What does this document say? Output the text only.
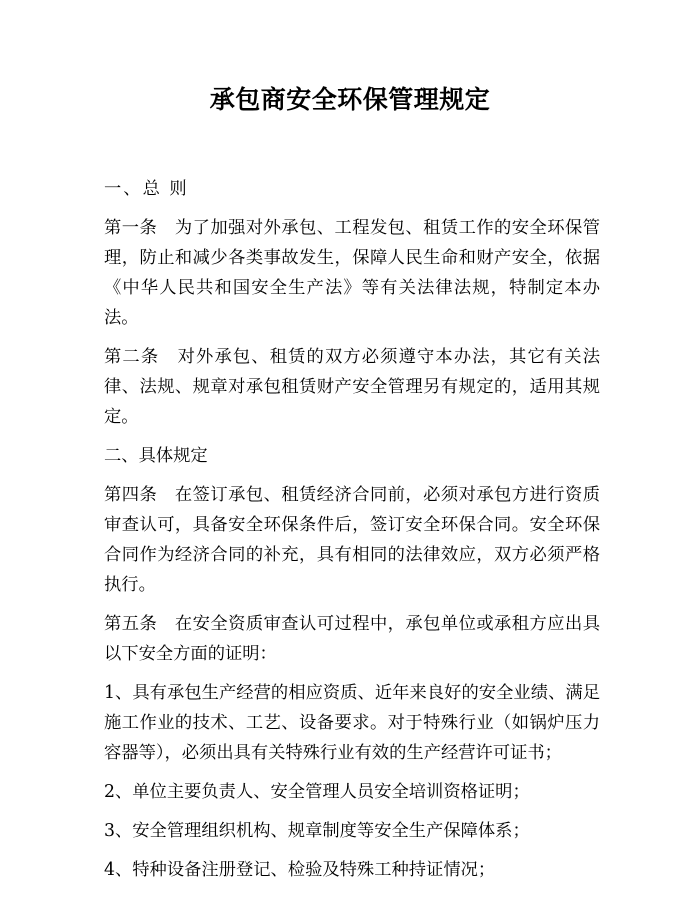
承包商安全环保管理规定
一、总 则

第一条　为了加强对外承包、工程发包、租赁工作的安全环保管理，防止和减少各类事故发生，保障人民生命和财产安全，依据《中华人民共和国安全生产法》等有关法律法规，特制定本办法。

第二条　对外承包、租赁的双方必须遵守本办法，其它有关法律、法规、规章对承包租赁财产安全管理另有规定的，适用其规定。

二、具体规定

第四条　在签订承包、租赁经济合同前，必须对承包方进行资质审查认可，具备安全环保条件后，签订安全环保合同。安全环保合同作为经济合同的补充，具有相同的法律效应，双方必须严格执行。

第五条　在安全资质审查认可过程中，承包单位或承租方应出具以下安全方面的证明：

1、具有承包生产经营的相应资质、近年来良好的安全业绩、满足施工作业的技术、工艺、设备要求。对于特殊行业（如锅炉压力容器等），必须出具有关特殊行业有效的生产经营许可证书；

2、单位主要负责人、安全管理人员安全培训资格证明；

3、安全管理组织机构、规章制度等安全生产保障体系；

4、特种设备注册登记、检验及特殊工种持证情况；
